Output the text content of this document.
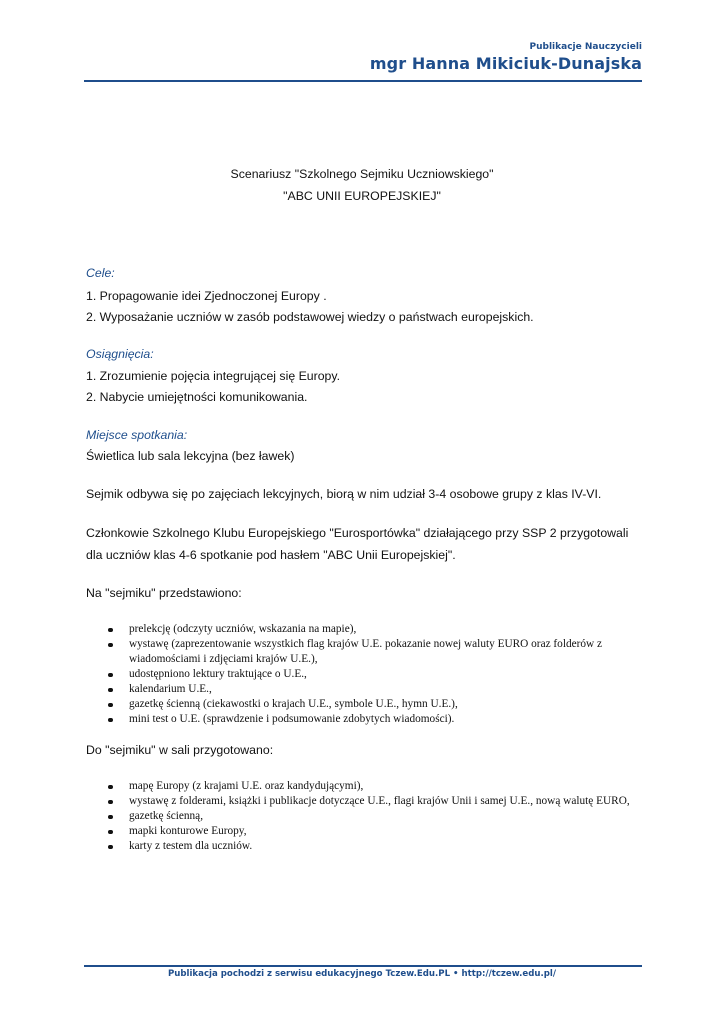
Publikacje Nauczycieli
mgr Hanna Mikiciuk-Dunajska
Scenariusz "Szkolnego Sejmiku Uczniowskiego"
"ABC UNII EUROPEJSKIEJ"
Cele:
1. Propagowanie idei Zjednoczonej Europy .
2. Wyposażanie uczniów w zasób podstawowej wiedzy o państwach europejskich.
Osiągnięcia:
1. Zrozumienie pojęcia integrującej się Europy.
2. Nabycie umiejętności komunikowania.
Miejsce spotkania:
Świetlica lub sala lekcyjna (bez ławek)
Sejmik odbywa się po zajęciach lekcyjnych, biorą w nim udział 3-4 osobowe grupy z klas IV-VI.
Członkowie Szkolnego Klubu Europejskiego "Eurosportówka" działającego przy SSP 2 przygotowali
dla uczniów klas 4-6 spotkanie pod hasłem "ABC Unii Europejskiej".
Na "sejmiku" przedstawiono:
prelekcję (odczyty uczniów, wskazania na mapie),
wystawę (zaprezentowanie wszystkich flag krajów U.E. pokazanie nowej waluty EURO oraz folderów z wiadomościami i zdjęciami krajów U.E.),
udostępniono lektury traktujące o U.E.,
kalendarium U.E.,
gazetkę ścienną (ciekawostki o krajach U.E., symbole U.E., hymn U.E.),
mini test o U.E. (sprawdzenie i podsumowanie zdobytych wiadomości).
Do "sejmiku" w sali przygotowano:
mapę Europy (z krajami U.E. oraz kandydującymi),
wystawę z folderami, książki i publikacje dotyczące U.E., flagi krajów Unii i samej U.E., nową walutę EURO,
gazetkę ścienną,
mapki konturowe Europy,
karty z testem dla uczniów.
Publikacja pochodzi z serwisu edukacyjnego Tczew.Edu.PL • http://tczew.edu.pl/
